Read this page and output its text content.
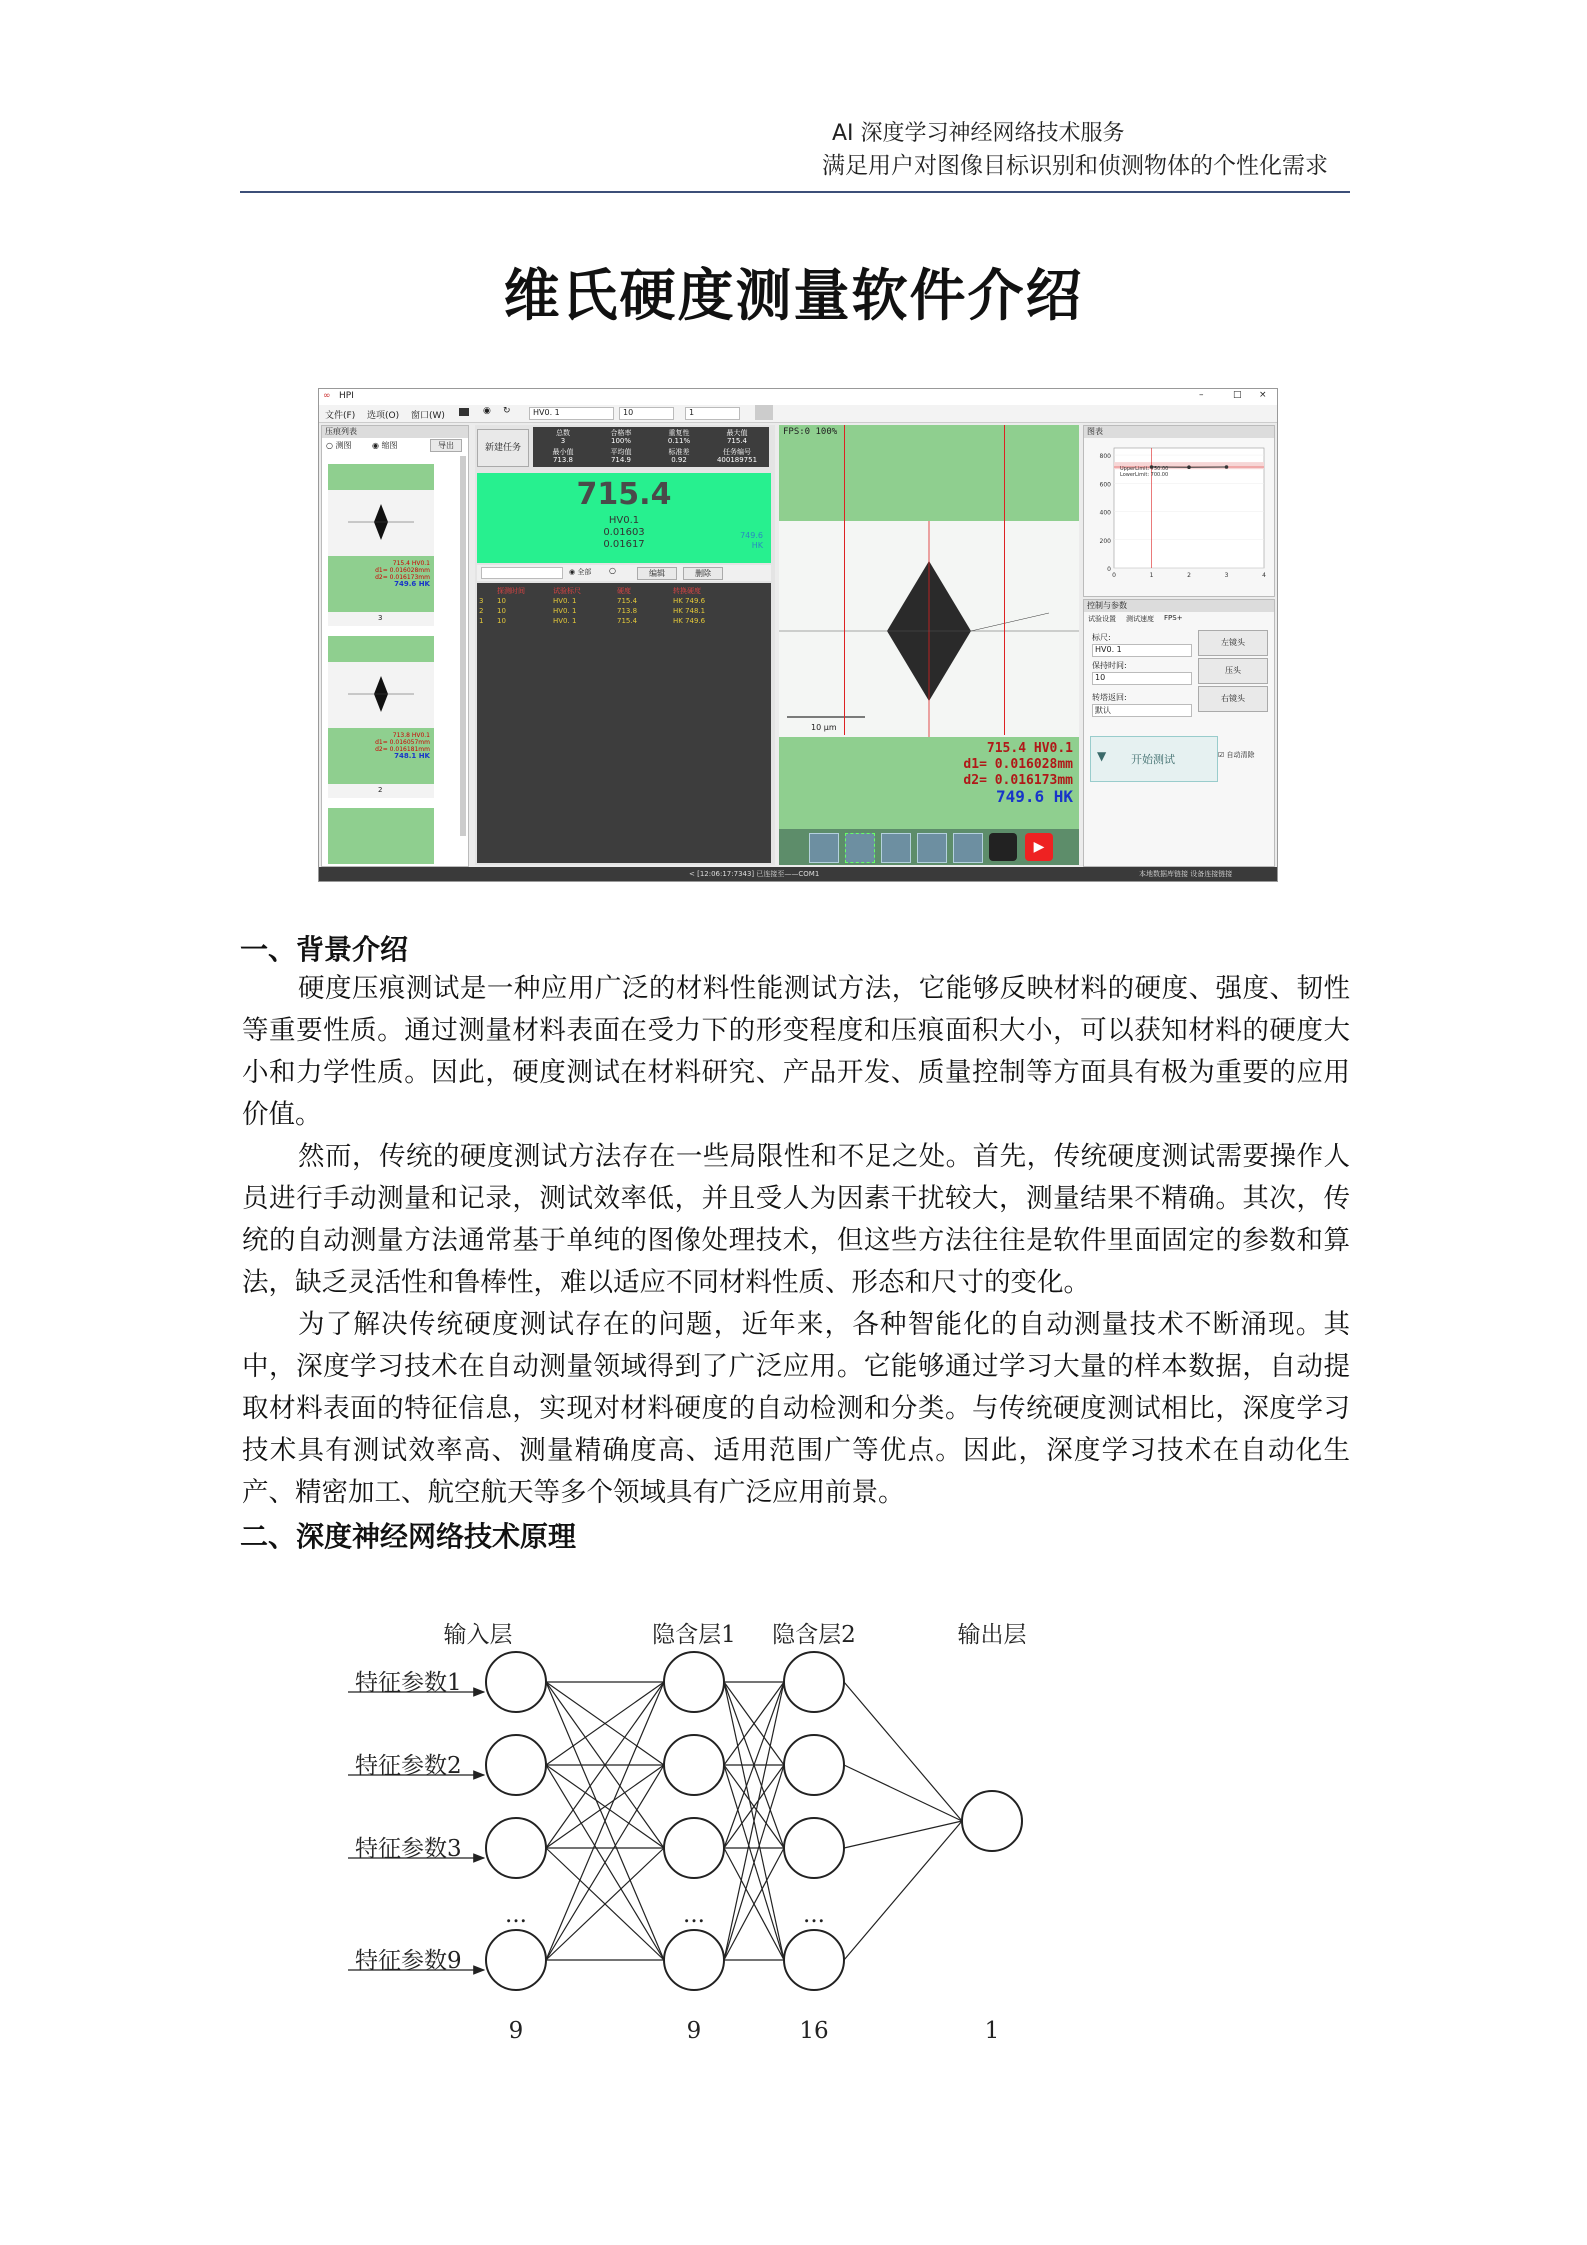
AI 深度学习神经网络技术服务
满足用户对图像目标识别和侦测物体的个性化需求
维氏硬度测量软件介绍
∞ HPI	–	□ ×
文件(F) 选项(O) 窗口(W)	◉ ↻	HV0. 1	10	1
压痕列表
○ 测图	◉ 缩图	导出
715.4 HV0.1
d1= 0.016028mm
d2= 0.016173mm
749.6 HK
3
713.8 HV0.1
d1= 0.016057mm
d2= 0.016181mm
748.1 HK
2
新建任务
总数
3
合格率
100%
重复性
0.11%
最大值
715.4
最小值
713.8
平均值
714.9
标准差
0.92
任务编号
400189751
715.4
HV0.1
0.01603
0.01617
749.6
HK
◉ 全部 ○	编辑	删除
探测时间	试验标尺	硬度	转换硬度
3 10	HV0. 1	715.4	HK 749.6
2 10	HV0. 1	713.8	HK 748.1
1 10	HV0. 1	715.4	HK 749.6
FPS:0 100%
10 μm
715.4 HV0.1
d1= 0.016028mm
d2= 0.016173mm
749.6 HK
▶
图表
800
600
400
200
0
0	1	2	3	4
UpperLimit: 750.00
LowerLimit: 700.00
控制与参数
试验设置 测试速度 FPS+
标尺:
HV0. 1
保持时间:
10
转塔返回:
默认
左镜头
压头
右镜头
▼ 开始测试	☑ 自动清除
< [12:06:17:7343] 已连接至——COM1	本地数据库链接 设备连接链接
一、背景介绍
硬度压痕测试是一种应用广泛的材料性能测试方法，它能够反映材料的硬度、强度、韧性等重要性质。通过测量材料表面在受力下的形变程度和压痕面积大小，可以获知材料的硬度大小和力学性质。因此，硬度测试在材料研究、产品开发、质量控制等方面具有极为重要的应用价值。
然而，传统的硬度测试方法存在一些局限性和不足之处。首先，传统硬度测试需要操作人员进行手动测量和记录，测试效率低，并且受人为因素干扰较大，测量结果不精确。其次，传统的自动测量方法通常基于单纯的图像处理技术，但这些方法往往是软件里面固定的参数和算法，缺乏灵活性和鲁棒性，难以适应不同材料性质、形态和尺寸的变化。
为了解决传统硬度测试存在的问题，近年来，各种智能化的自动测量技术不断涌现。其中，深度学习技术在自动测量领域得到了广泛应用。它能够通过学习大量的样本数据，自动提取材料表面的特征信息，实现对材料硬度的自动检测和分类。与传统硬度测试相比，深度学习技术具有测试效率高、测量精确度高、适用范围广等优点。因此，深度学习技术在自动化生产、精密加工、航空航天等多个领域具有广泛应用前景。
二、深度神经网络技术原理
输入层	隐含层1 隐含层2	输出层
特征参数1
特征参数2
特征参数3
特征参数9
...	...	...
9	9	16	1
